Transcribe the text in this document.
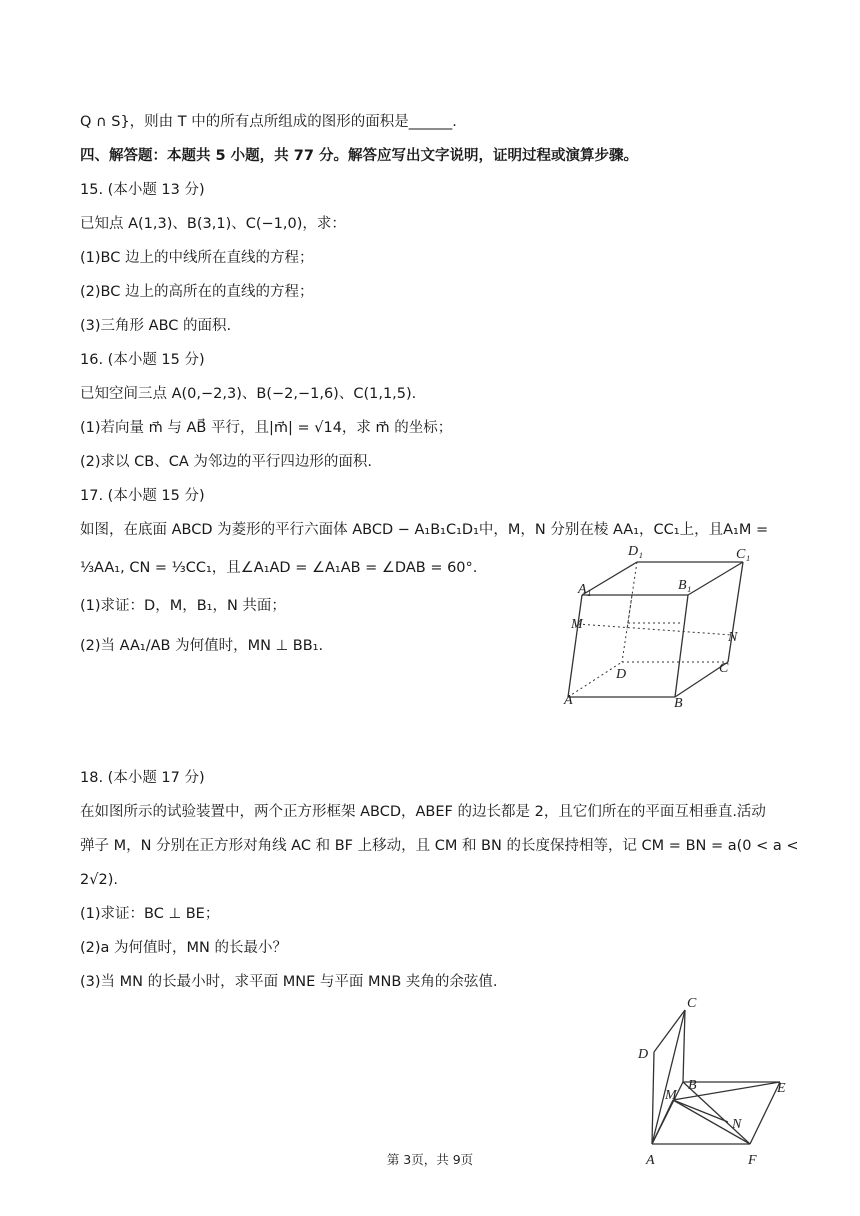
Q ∩ S}，则由 T 中的所有点所组成的图形的面积是______.
四、解答题：本题共 5 小题，共 77 分。解答应写出文字说明，证明过程或演算步骤。
15. (本小题 13 分)
已知点 A(1,3)、B(3,1)、C(−1,0)，求：
(1)BC 边上的中线所在直线的方程；
(2)BC 边上的高所在的直线的方程；
(3)三角形 ABC 的面积.
16. (本小题 15 分)
已知空间三点 A(0,−2,3)、B(−2,−1,6)、C(1,1,5).
(1)若向量 m⃗ 与 AB⃗ 平行，且|m⃗| = √14，求 m⃗ 的坐标；
(2)求以 CB、CA 为邻边的平行四边形的面积.
17. (本小题 15 分)
如图，在底面 ABCD 为菱形的平行六面体 ABCD − A₁B₁C₁D₁中，M，N 分别在棱 AA₁，CC₁上，且A₁M =
⅓AA₁, CN = ⅓CC₁，且∠A₁AD = ∠A₁AB = ∠DAB = 60°.
(1)求证：D，M，B₁，N 共面；
(2)当 AA₁/AB 为何值时，MN ⊥ BB₁.
D₁	C₁
A₁	B₁
M
N
D	C
A	B
18. (本小题 17 分)
在如图所示的试验装置中，两个正方形框架 ABCD，ABEF 的边长都是 2，且它们所在的平面互相垂直.活动
弹子 M，N 分别在正方形对角线 AC 和 BF 上移动，且 CM 和 BN 的长度保持相等，记 CM = BN = a(0 < a <
2√2).
(1)求证：BC ⊥ BE；
(2)a 为何值时，MN 的长最小？
(3)当 MN 的长最小时，求平面 MNE 与平面 MNB 夹角的余弦值.
C
D
M
B	E
N
A	F
第 3页，共 9页
